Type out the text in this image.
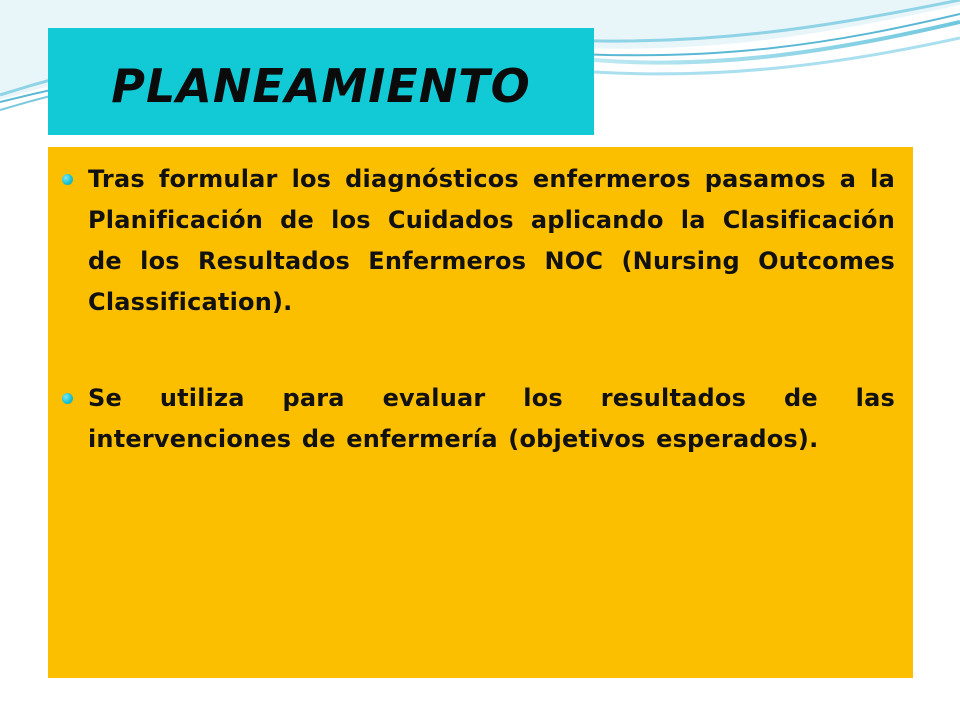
PLANEAMIENTO
Tras formular los diagnósticos enfermeros pasamos a la Planificación de los Cuidados aplicando la Clasificación de los Resultados Enfermeros NOC (Nursing Outcomes Classification).
Se utiliza para evaluar los resultados de las intervenciones de enfermería (objetivos esperados).
